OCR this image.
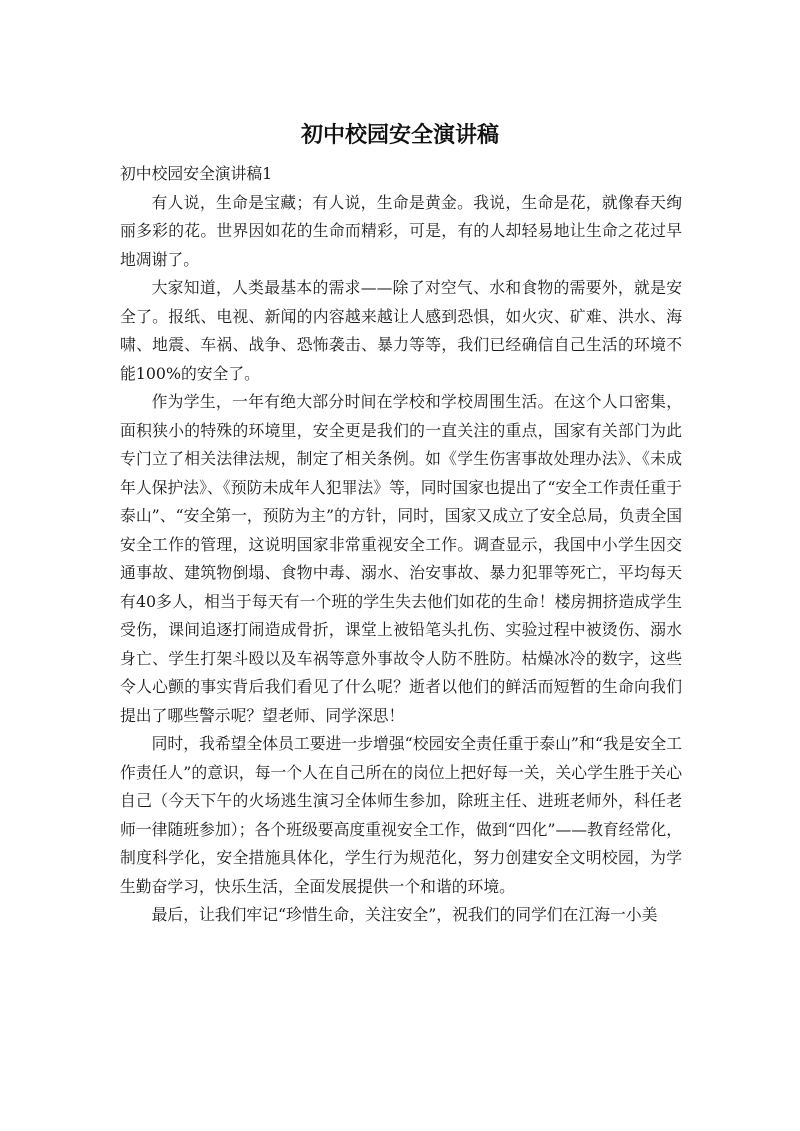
初中校园安全演讲稿

初中校园安全演讲稿1

有人说，生命是宝藏；有人说，生命是黄金。我说，生命是花，就像春天绚丽多彩的花。世界因如花的生命而精彩，可是，有的人却轻易地让生命之花过早地凋谢了。

大家知道，人类最基本的需求——除了对空气、水和食物的需要外，就是安全了。报纸、电视、新闻的内容越来越让人感到恐惧，如火灾、矿难、洪水、海啸、地震、车祸、战争、恐怖袭击、暴力等等，我们已经确信自己生活的环境不能100%的安全了。

作为学生，一年有绝大部分时间在学校和学校周围生活。在这个人口密集，面积狭小的特殊的环境里，安全更是我们的一直关注的重点，国家有关部门为此专门立了相关法律法规，制定了相关条例。如《学生伤害事故处理办法》、《未成年人保护法》、《预防未成年人犯罪法》等，同时国家也提出了“安全工作责任重于泰山”、“安全第一，预防为主”的方针，同时，国家又成立了安全总局，负责全国安全工作的管理，这说明国家非常重视安全工作。调查显示，我国中小学生因交通事故、建筑物倒塌、食物中毒、溺水、治安事故、暴力犯罪等死亡，平均每天有40多人，相当于每天有一个班的学生失去他们如花的生命！楼房拥挤造成学生受伤，课间追逐打闹造成骨折，课堂上被铅笔头扎伤、实验过程中被烫伤、溺水身亡、学生打架斗殴以及车祸等意外事故令人防不胜防。枯燥冰冷的数字，这些令人心颤的事实背后我们看见了什么呢？逝者以他们的鲜活而短暂的生命向我们提出了哪些警示呢？望老师、同学深思！

同时，我希望全体员工要进一步增强“校园安全责任重于泰山”和“我是安全工作责任人”的意识，每一个人在自己所在的岗位上把好每一关，关心学生胜于关心自己（今天下午的火场逃生演习全体师生参加，除班主任、进班老师外，科任老师一律随班参加）；各个班级要高度重视安全工作，做到“四化”——教育经常化，制度科学化，安全措施具体化，学生行为规范化，努力创建安全文明校园，为学生勤奋学习，快乐生活，全面发展提供一个和谐的环境。

最后，让我们牢记“珍惜生命，关注安全”，祝我们的同学们在江海一小美
